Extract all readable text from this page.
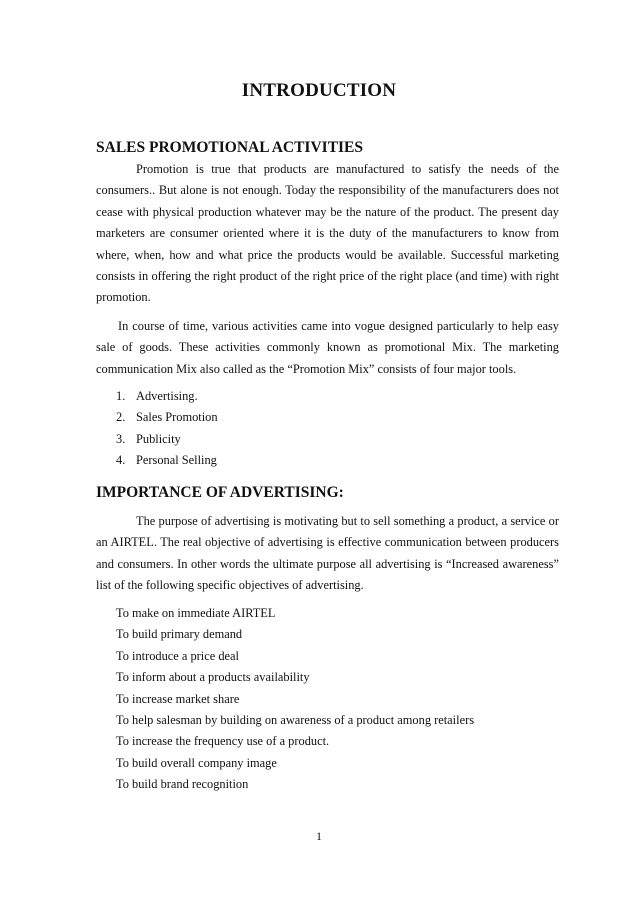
INTRODUCTION
SALES PROMOTIONAL ACTIVITIES

Promotion is true that products are manufactured to satisfy the needs of the consumers.. But alone is not enough. Today the responsibility of the manufacturers does not cease with physical production whatever may be the nature of the product. The present day marketers are consumer oriented where it is the duty of the manufacturers to know from where, when, how and what price the products would be available. Successful marketing consists in offering the right product of the right price of the right place (and time) with right promotion.

In course of time, various activities came into vogue designed particularly to help easy sale of goods. These activities commonly known as promotional Mix. The marketing communication Mix also called as the “Promotion Mix” consists of four major tools.

1. Advertising.
2. Sales Promotion
3. Publicity
4. Personal Selling
IMPORTANCE OF ADVERTISING:

The purpose of advertising is motivating but to sell something a product, a service or an AIRTEL. The real objective of advertising is effective communication between producers and consumers. In other words the ultimate purpose all advertising is “Increased awareness” list of the following specific objectives of advertising.

To make on immediate AIRTEL
To build primary demand
To introduce a price deal
To inform about a products availability
To increase market share
To help salesman by building on awareness of a product among retailers
To increase the frequency use of a product.
To build overall company image
To build brand recognition
1
